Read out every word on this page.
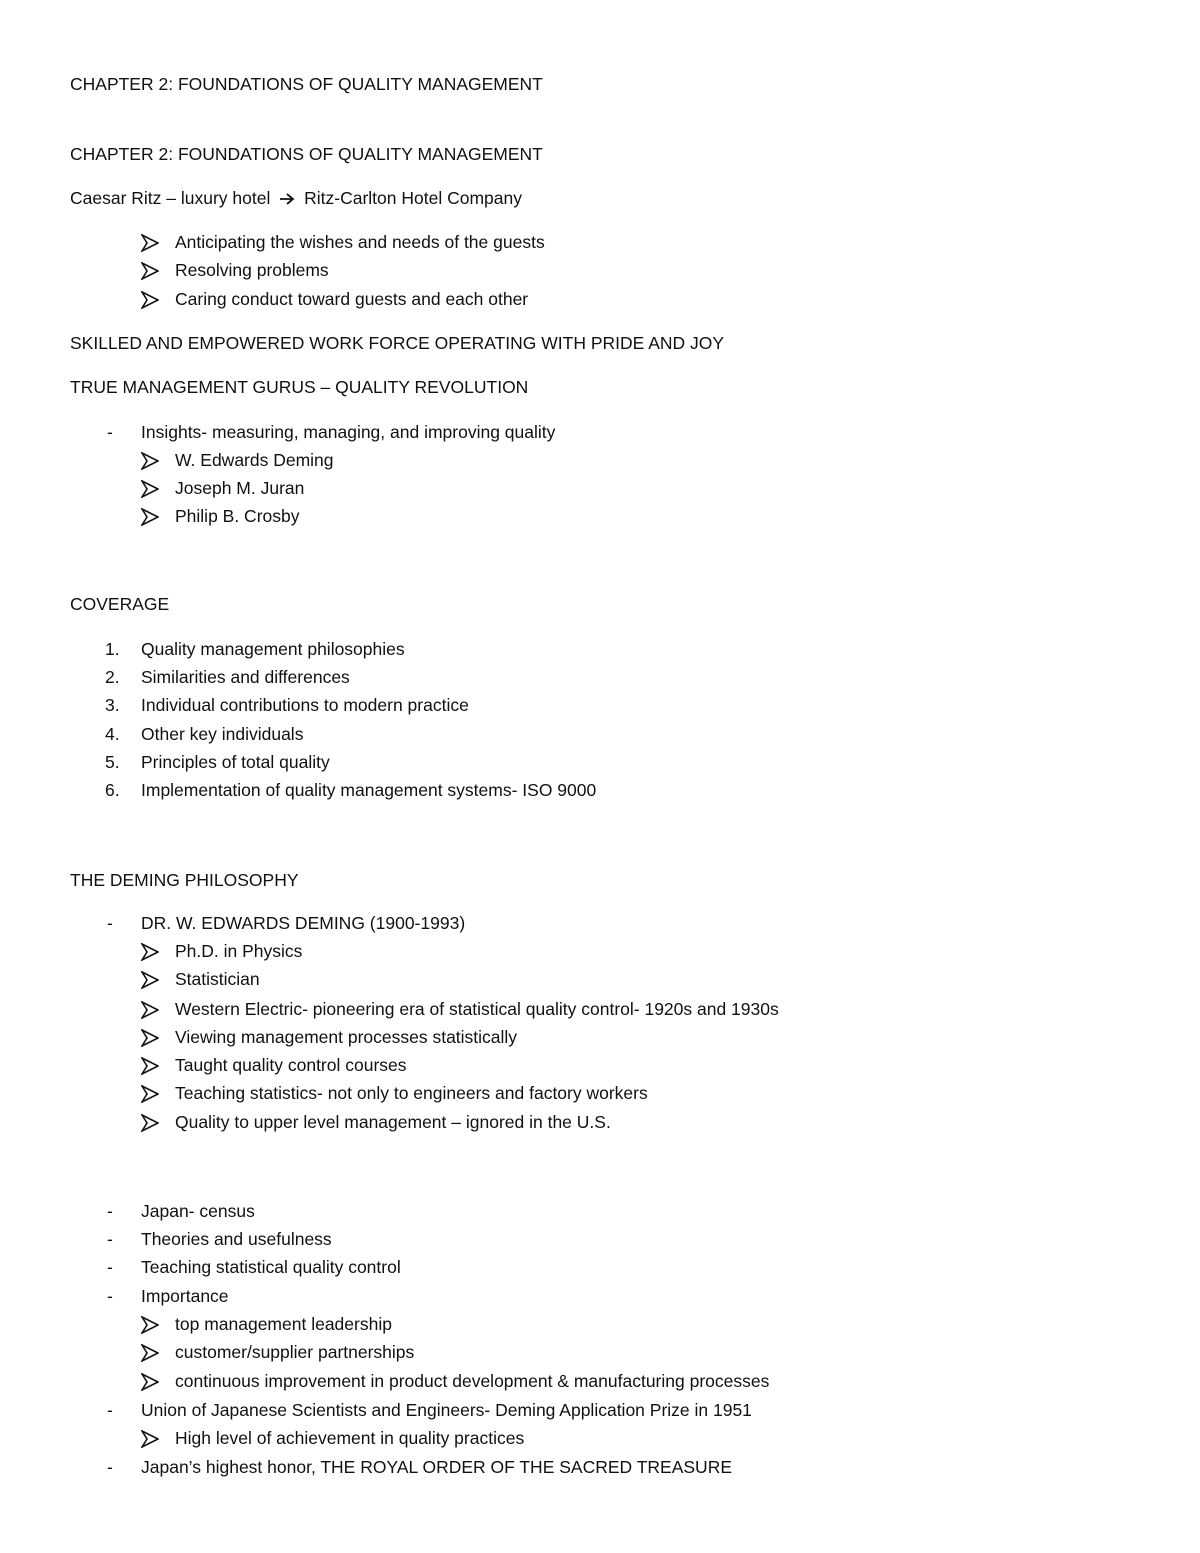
CHAPTER 2: FOUNDATIONS OF QUALITY MANAGEMENT
CHAPTER 2: FOUNDATIONS OF QUALITY MANAGEMENT
Caesar Ritz – luxury hotel Ritz-Carlton Hotel Company
Anticipating the wishes and needs of the guests
Resolving problems
Caring conduct toward guests and each other
SKILLED AND EMPOWERED WORK FORCE OPERATING WITH PRIDE AND JOY
TRUE MANAGEMENT GURUS – QUALITY REVOLUTION
- Insights- measuring, managing, and improving quality
W. Edwards Deming
Joseph M. Juran
Philip B. Crosby
COVERAGE
1. Quality management philosophies
2. Similarities and differences
3. Individual contributions to modern practice
4. Other key individuals
5. Principles of total quality
6. Implementation of quality management systems- ISO 9000
THE DEMING PHILOSOPHY
- DR. W. EDWARDS DEMING (1900-1993)
Ph.D. in Physics
Statistician
Western Electric- pioneering era of statistical quality control- 1920s and 1930s
Viewing management processes statistically
Taught quality control courses
Teaching statistics- not only to engineers and factory workers
Quality to upper level management – ignored in the U.S.
- Japan- census
- Theories and usefulness
- Teaching statistical quality control
- Importance
top management leadership
customer/supplier partnerships
continuous improvement in product development & manufacturing processes
- Union of Japanese Scientists and Engineers- Deming Application Prize in 1951
High level of achievement in quality practices
- Japan’s highest honor, THE ROYAL ORDER OF THE SACRED TREASURE
